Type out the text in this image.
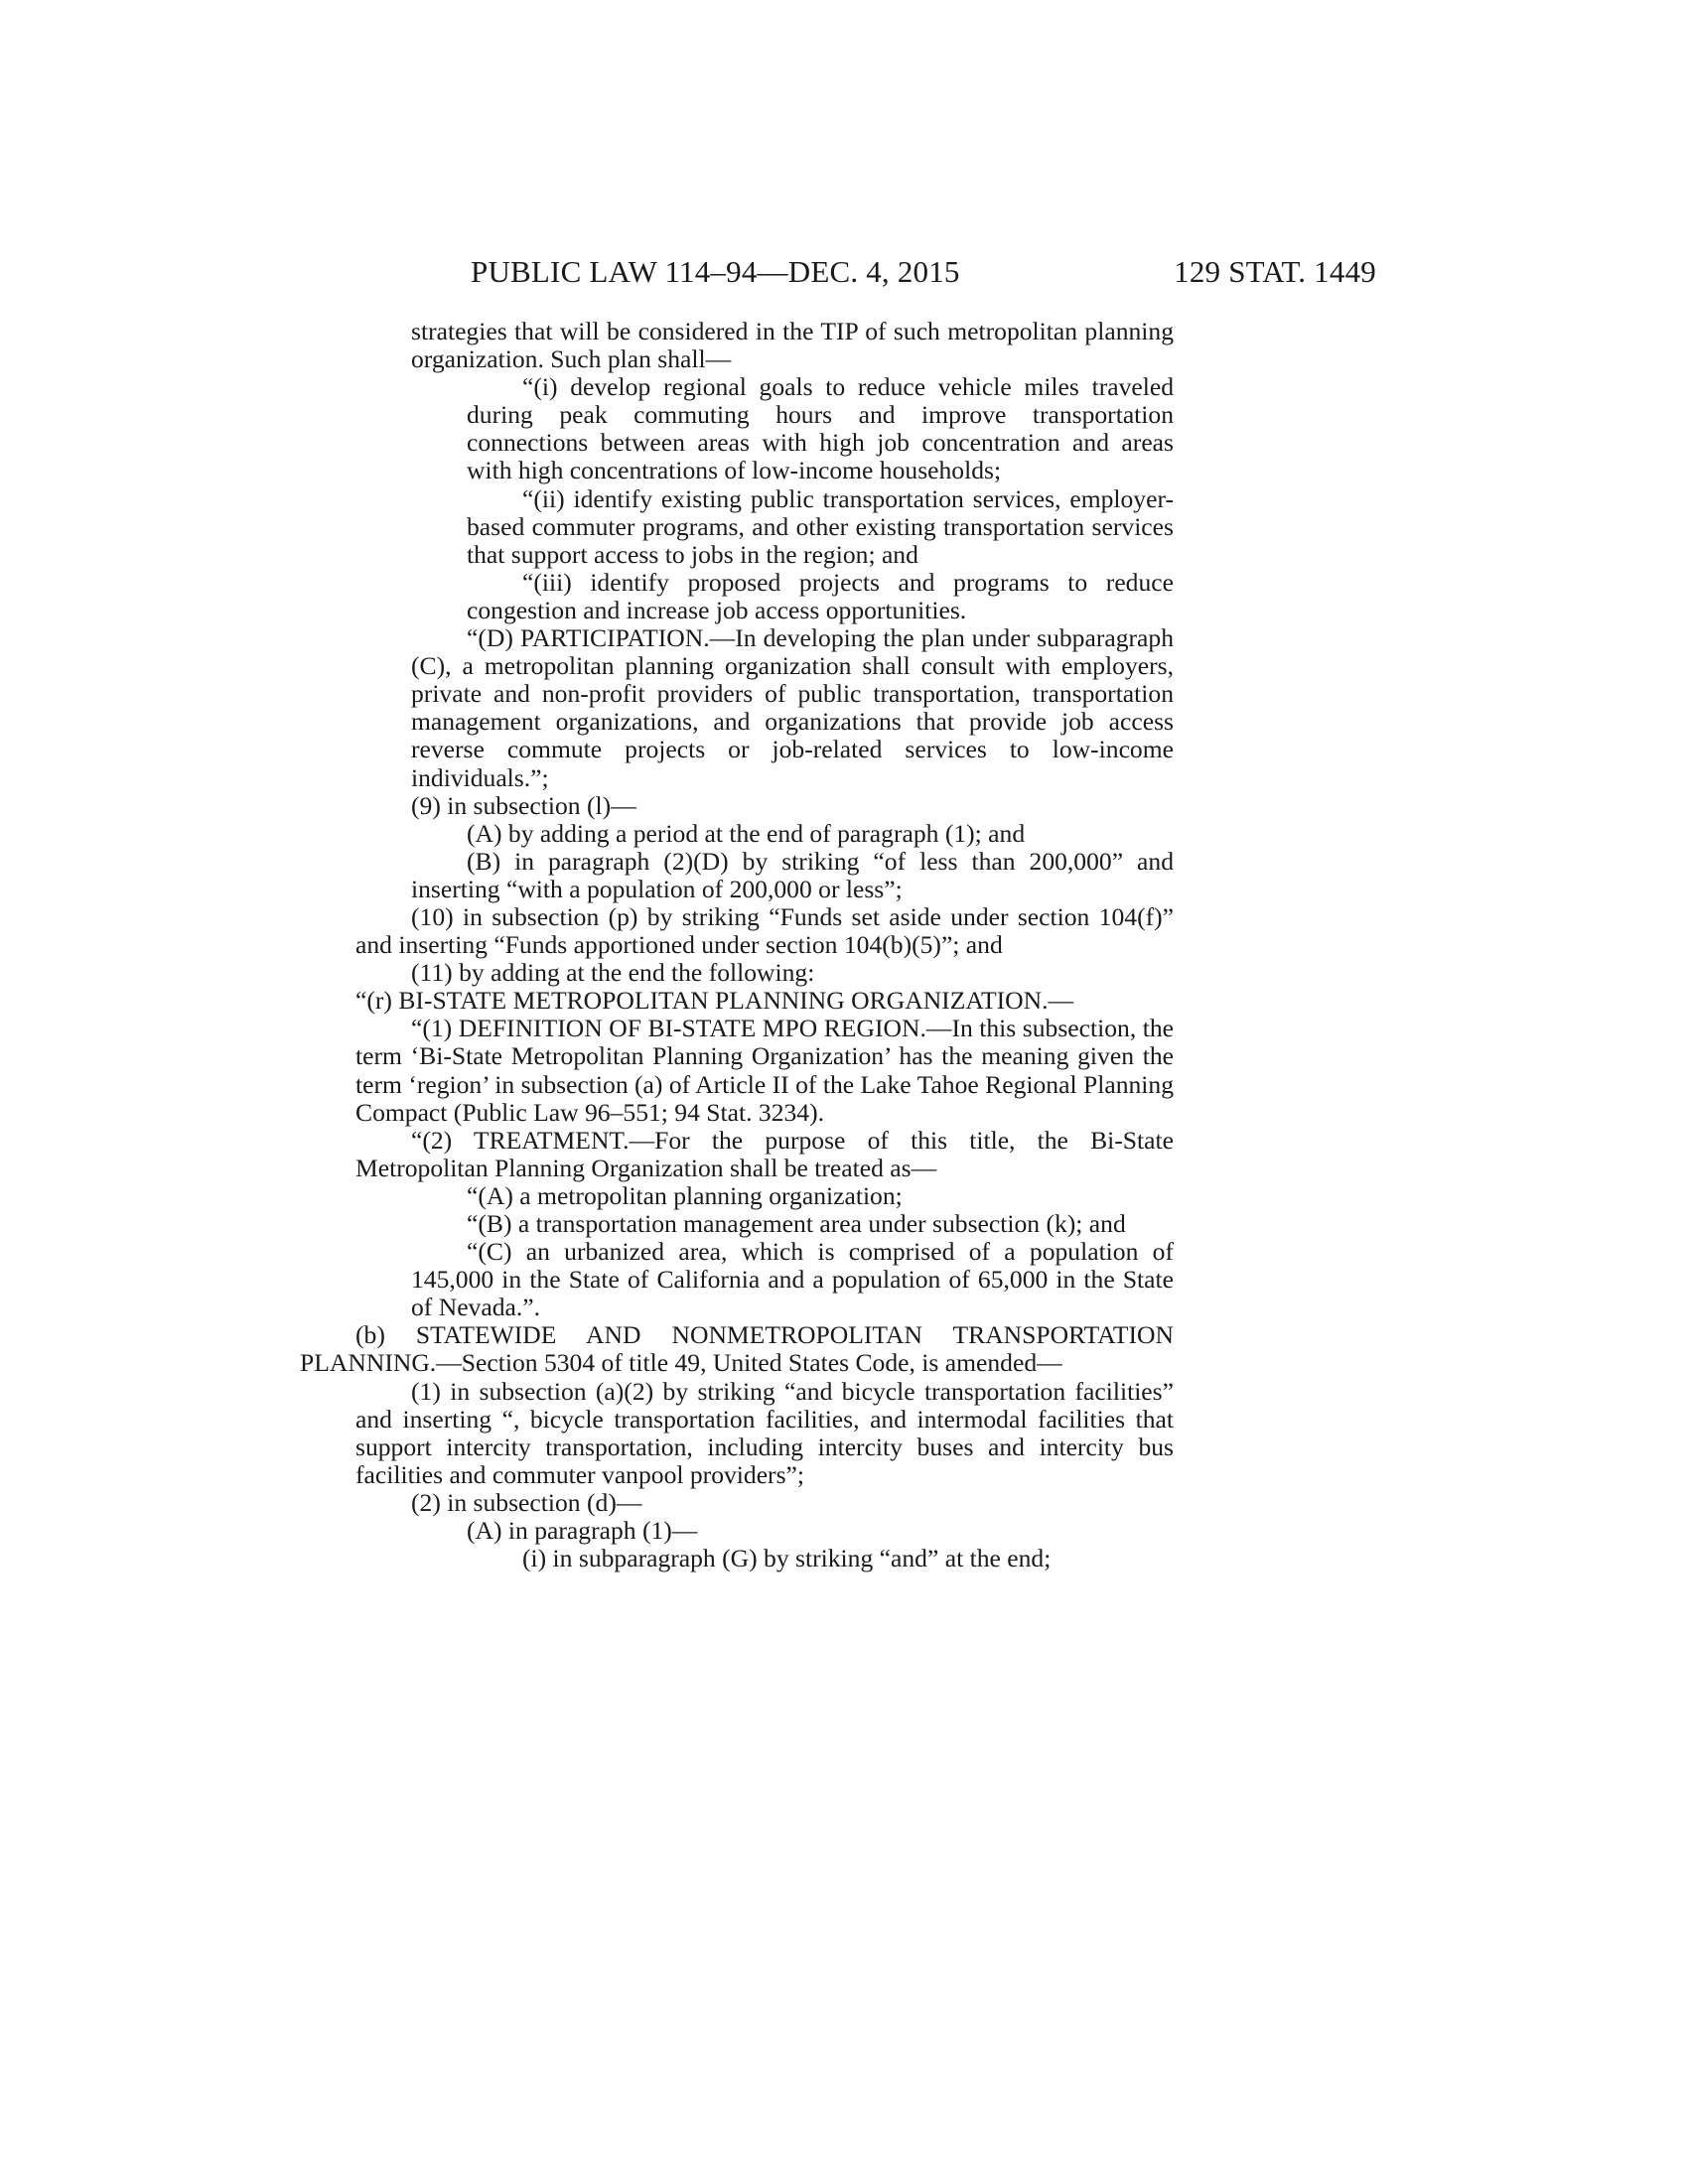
PUBLIC LAW 114–94—DEC. 4, 2015	129 STAT. 1449

strategies that will be considered in the TIP of such metropolitan planning organization. Such plan shall—

“(i) develop regional goals to reduce vehicle miles traveled during peak commuting hours and improve transportation connections between areas with high job concentration and areas with high concentrations of low-income households;

“(ii) identify existing public transportation services, employer-based commuter programs, and other existing transportation services that support access to jobs in the region; and

“(iii) identify proposed projects and programs to reduce congestion and increase job access opportunities.

“(D) PARTICIPATION.—In developing the plan under subparagraph (C), a metropolitan planning organization shall consult with employers, private and non-profit providers of public transportation, transportation management organizations, and organizations that provide job access reverse commute projects or job-related services to low-income individuals.”;

(9) in subsection (l)—

(A) by adding a period at the end of paragraph (1); and

(B) in paragraph (2)(D) by striking “of less than 200,000” and inserting “with a population of 200,000 or less”;

(10) in subsection (p) by striking “Funds set aside under section 104(f)” and inserting “Funds apportioned under section 104(b)(5)”; and

(11) by adding at the end the following:

“(r) BI-STATE METROPOLITAN PLANNING ORGANIZATION.—

“(1) DEFINITION OF BI-STATE MPO REGION.—In this subsection, the term ‘Bi-State Metropolitan Planning Organization’ has the meaning given the term ‘region’ in subsection (a) of Article II of the Lake Tahoe Regional Planning Compact (Public Law 96–551; 94 Stat. 3234).

“(2) TREATMENT.—For the purpose of this title, the Bi-State Metropolitan Planning Organization shall be treated as—

“(A) a metropolitan planning organization;

“(B) a transportation management area under subsection (k); and

“(C) an urbanized area, which is comprised of a population of 145,000 in the State of California and a population of 65,000 in the State of Nevada.”.

(b) STATEWIDE AND NONMETROPOLITAN TRANSPORTATION PLANNING.—Section 5304 of title 49, United States Code, is amended—

(1) in subsection (a)(2) by striking “and bicycle transportation facilities” and inserting “, bicycle transportation facilities, and intermodal facilities that support intercity transportation, including intercity buses and intercity bus facilities and commuter vanpool providers”;

(2) in subsection (d)—

(A) in paragraph (1)—

(i) in subparagraph (G) by striking “and” at the end;
